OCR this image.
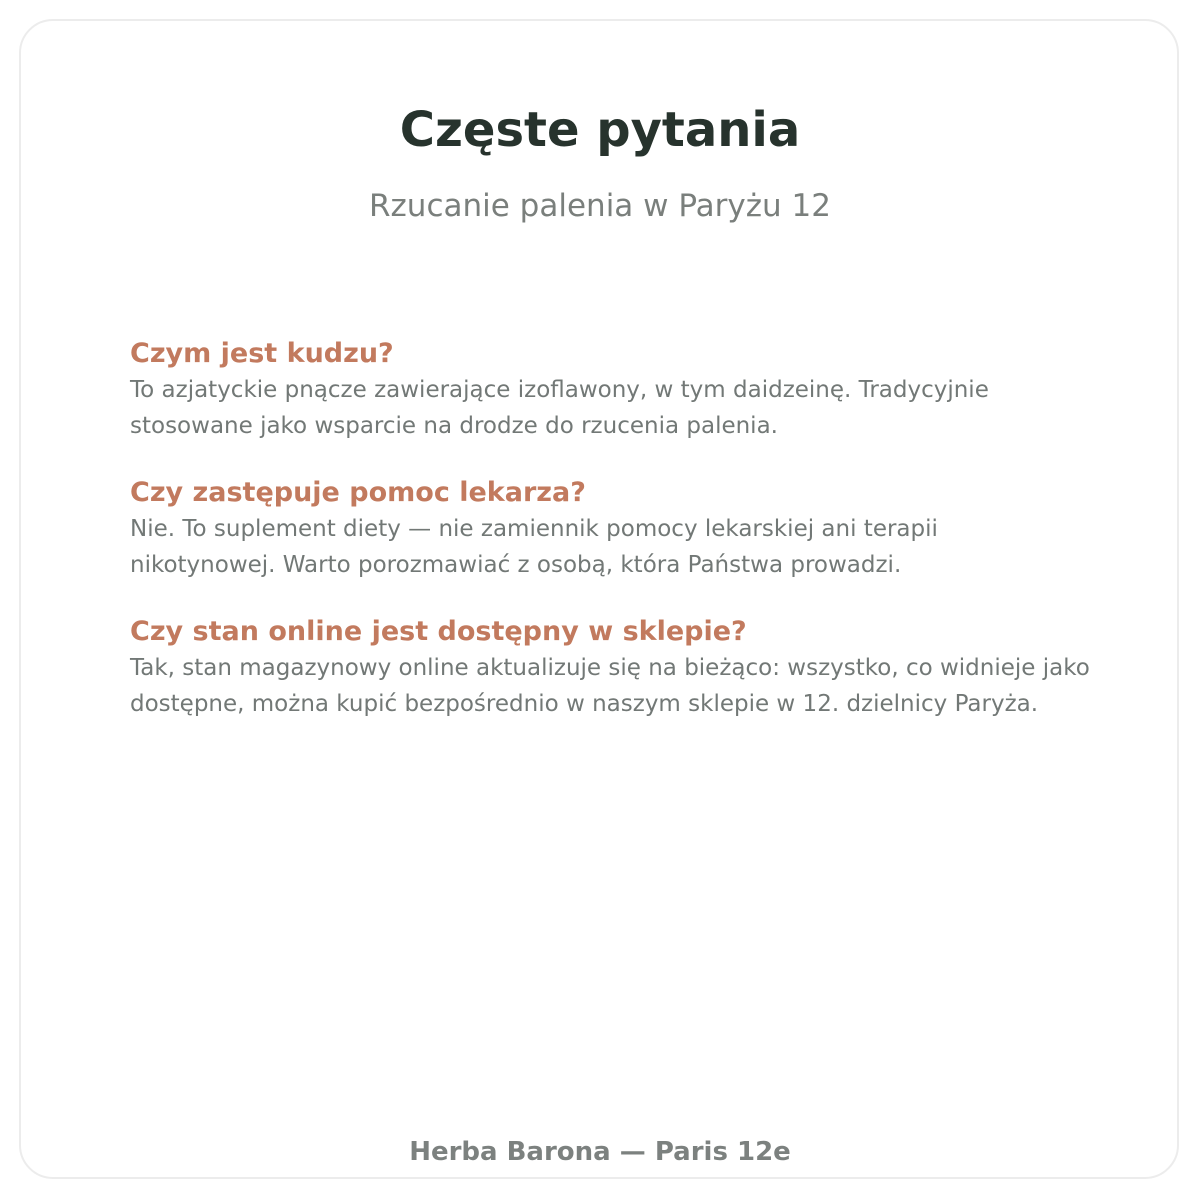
Częste pytania

Rzucanie palenia w Paryżu 12

Czym jest kudzu?

To azjatyckie pnącze zawierające izoflawony, w tym daidzeinę. Tradycyjnie stosowane jako wsparcie na drodze do rzucenia palenia.

Czy zastępuje pomoc lekarza?

Nie. To suplement diety — nie zamiennik pomocy lekarskiej ani terapii nikotynowej. Warto porozmawiać z osobą, która Państwa prowadzi.

Czy stan online jest dostępny w sklepie?

Tak, stan magazynowy online aktualizuje się na bieżąco: wszystko, co widnieje jako dostępne, można kupić bezpośrednio w naszym sklepie w 12. dzielnicy Paryża.

Herba Barona — Paris 12e
